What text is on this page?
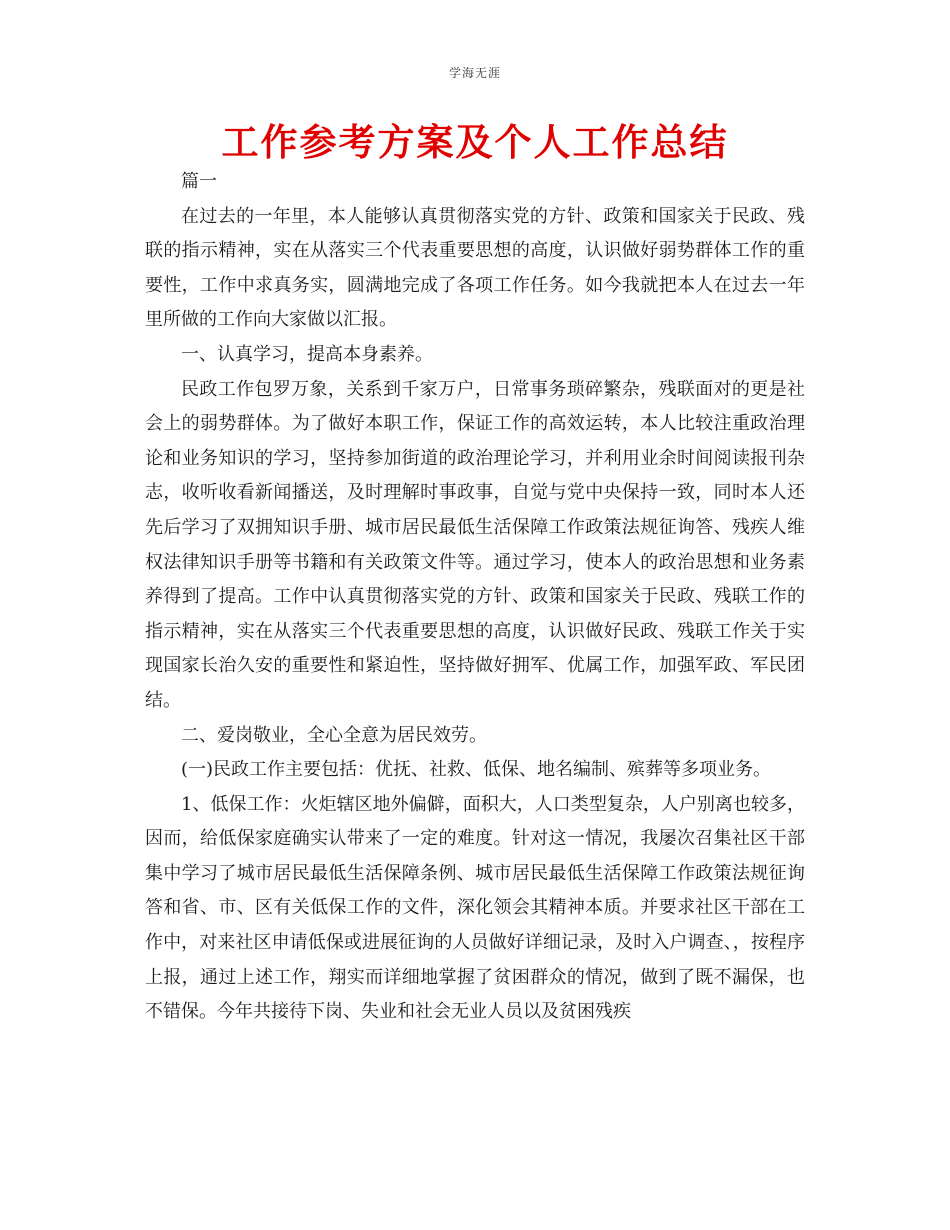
学海无涯
工作参考方案及个人工作总结

篇一

在过去的一年里，本人能够认真贯彻落实党的方针、政策和国家关于民政、残联的指示精神，实在从落实三个代表重要思想的高度，认识做好弱势群体工作的重要性，工作中求真务实，圆满地完成了各项工作任务。如今我就把本人在过去一年里所做的工作向大家做以汇报。

一、认真学习，提高本身素养。

民政工作包罗万象，关系到千家万户，日常事务琐碎繁杂，残联面对的更是社会上的弱势群体。为了做好本职工作，保证工作的高效运转，本人比较注重政治理论和业务知识的学习，坚持参加街道的政治理论学习，并利用业余时间阅读报刊杂志，收听收看新闻播送，及时理解时事政事，自觉与党中央保持一致，同时本人还先后学习了双拥知识手册、城市居民最低生活保障工作政策法规征询答、残疾人维权法律知识手册等书籍和有关政策文件等。通过学习，使本人的政治思想和业务素养得到了提高。工作中认真贯彻落实党的方针、政策和国家关于民政、残联工作的指示精神，实在从落实三个代表重要思想的高度，认识做好民政、残联工作关于实现国家长治久安的重要性和紧迫性，坚持做好拥军、优属工作，加强军政、军民团结。

二、爱岗敬业，全心全意为居民效劳。

(一)民政工作主要包括：优抚、社救、低保、地名编制、殡葬等多项业务。

1、低保工作：火炬辖区地外偏僻，面积大，人口类型复杂，人户别离也较多，因而，给低保家庭确实认带来了一定的难度。针对这一情况，我屡次召集社区干部集中学习了城市居民最低生活保障条例、城市居民最低生活保障工作政策法规征询答和省、市、区有关低保工作的文件，深化领会其精神本质。并要求社区干部在工作中，对来社区申请低保或进展征询的人员做好详细记录，及时入户调查、，按程序上报，通过上述工作，翔实而详细地掌握了贫困群众的情况，做到了既不漏保，也不错保。今年共接待下岗、失业和社会无业人员以及贫困残疾
